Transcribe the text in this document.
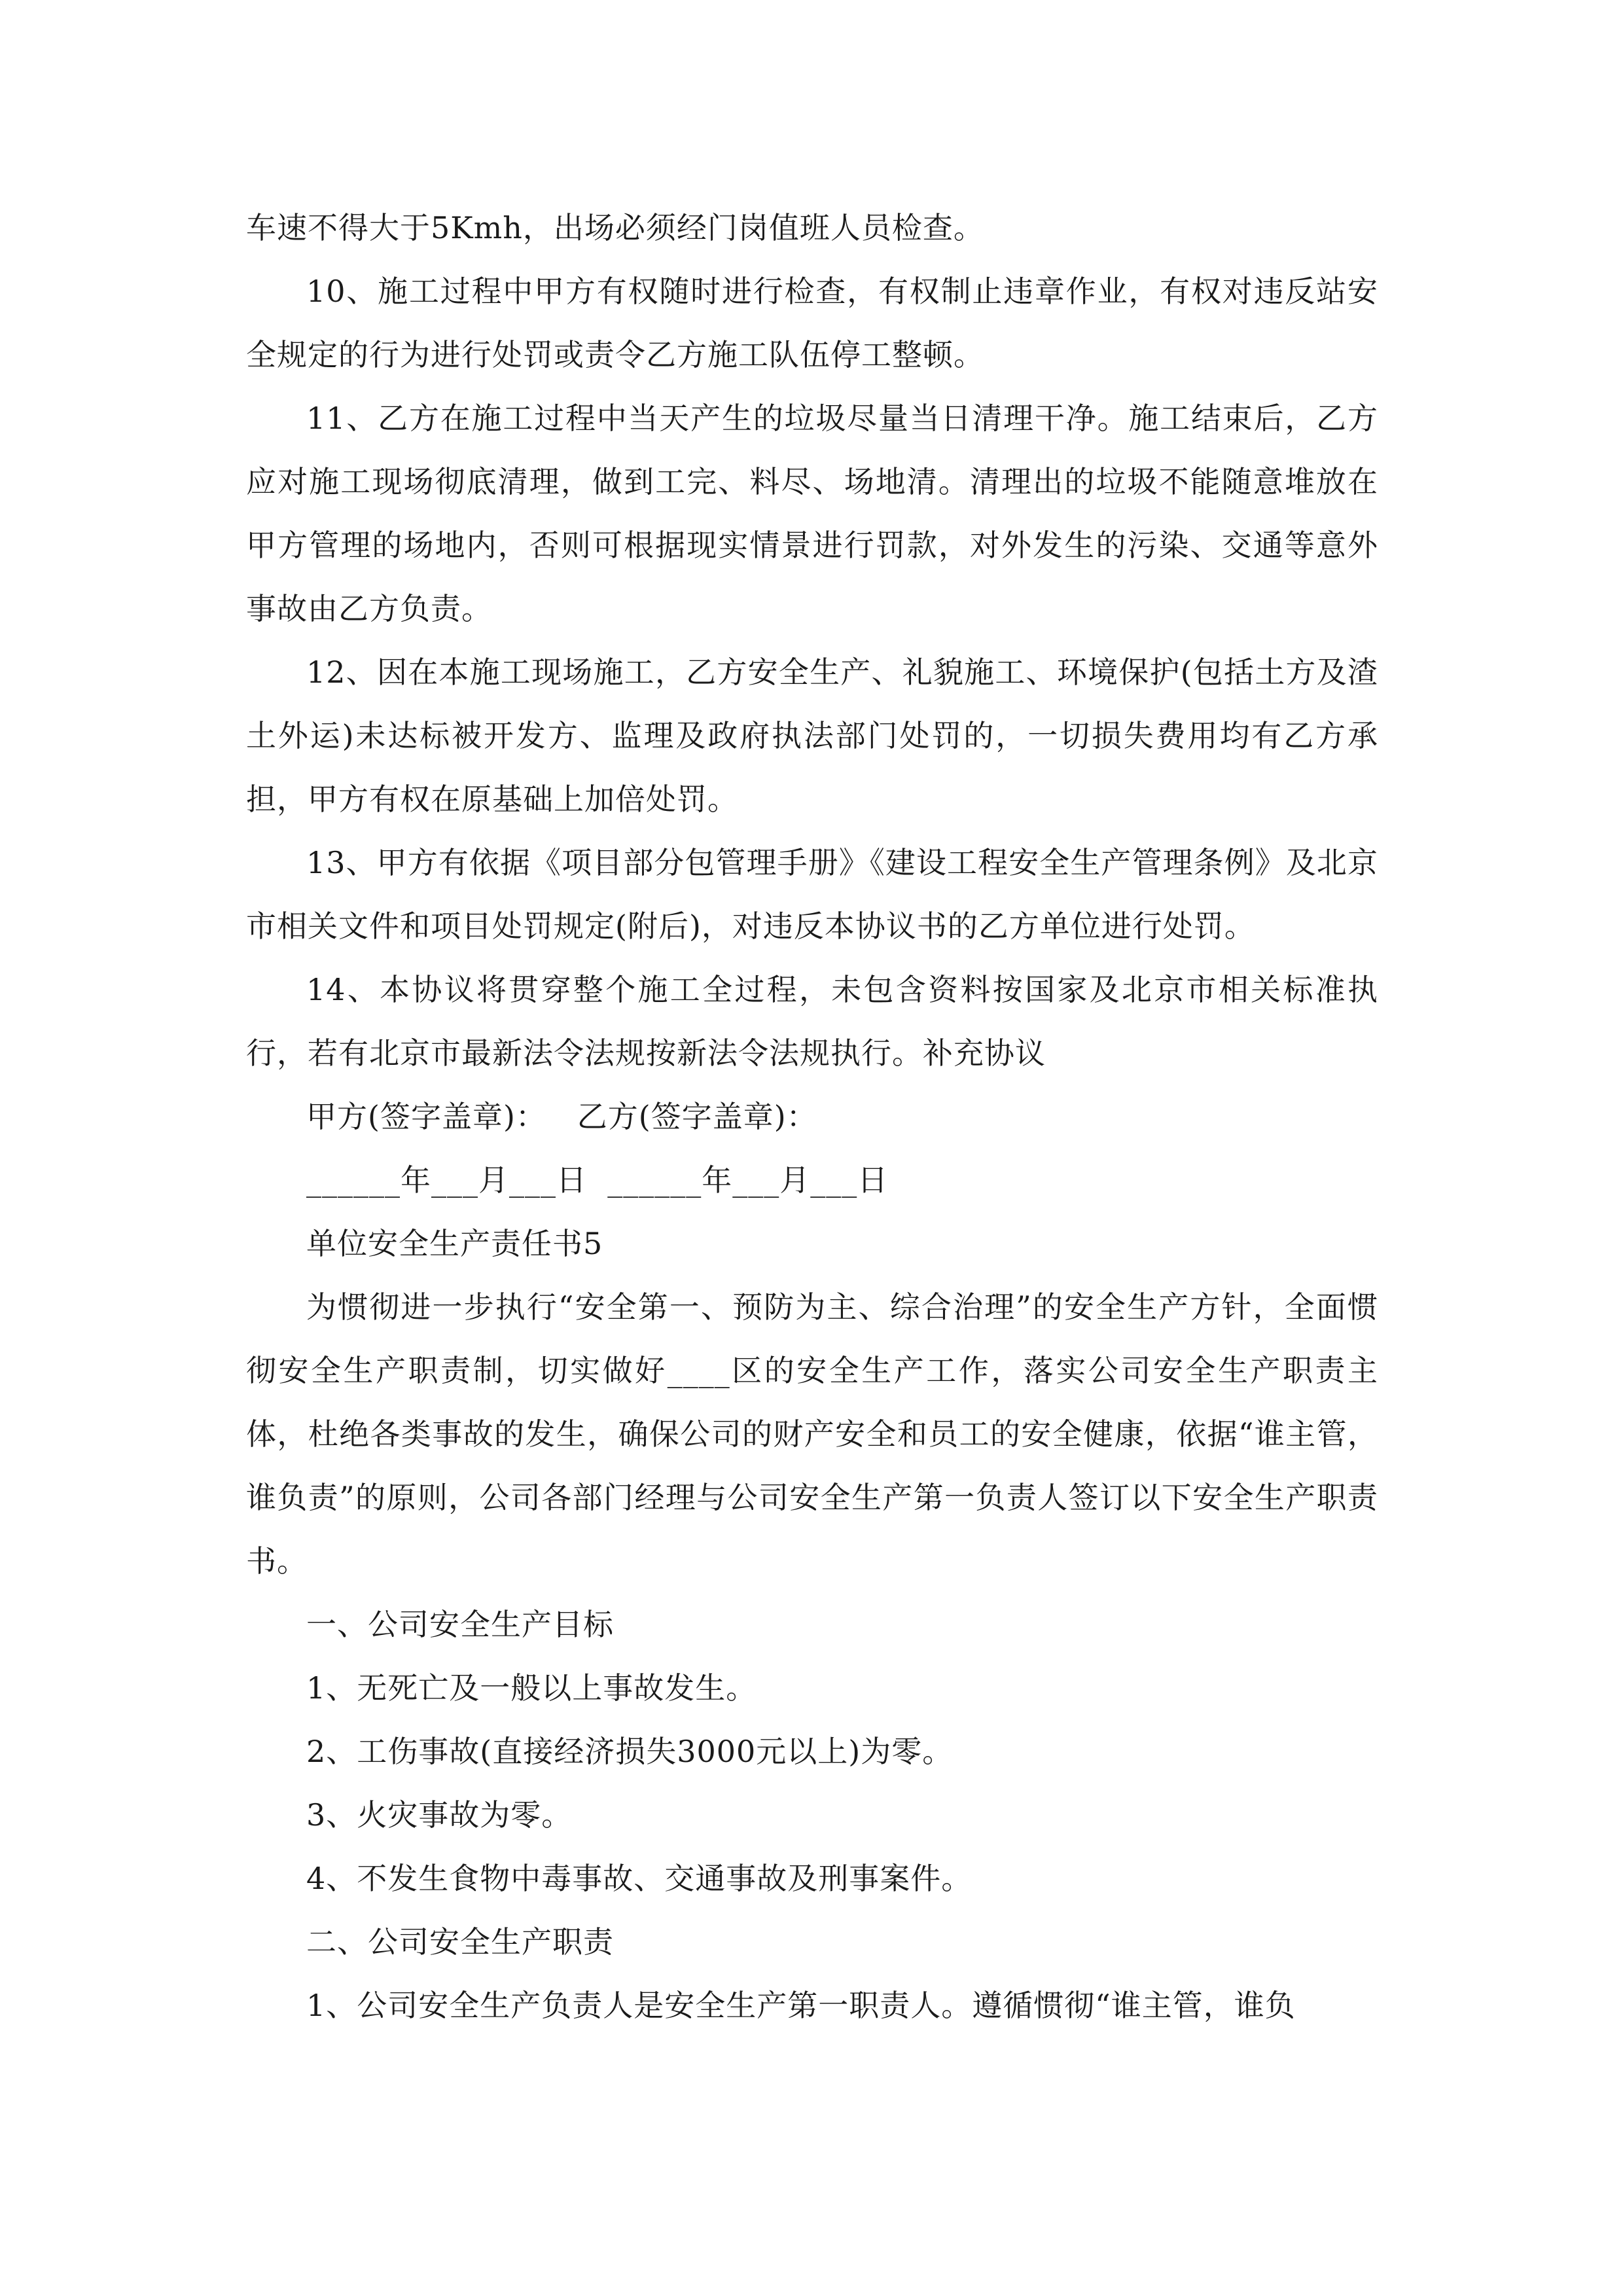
车速不得大于5Kmh，出场必须经门岗值班人员检查。

10、施工过程中甲方有权随时进行检查，有权制止违章作业，有权对违反站安全规定的行为进行处罚或责令乙方施工队伍停工整顿。

11、乙方在施工过程中当天产生的垃圾尽量当日清理干净。施工结束后，乙方应对施工现场彻底清理，做到工完、料尽、场地清。清理出的垃圾不能随意堆放在甲方管理的场地内，否则可根据现实情景进行罚款，对外发生的污染、交通等意外事故由乙方负责。

12、因在本施工现场施工，乙方安全生产、礼貌施工、环境保护(包括土方及渣土外运)未达标被开发方、监理及政府执法部门处罚的，一切损失费用均有乙方承担，甲方有权在原基础上加倍处罚。

13、甲方有依据《项目部分包管理手册》《建设工程安全生产管理条例》及北京市相关文件和项目处罚规定(附后)，对违反本协议书的乙方单位进行处罚。

14、本协议将贯穿整个施工全过程，未包含资料按国家及北京市相关标准执行，若有北京市最新法令法规按新法令法规执行。补充协议

甲方(签字盖章)： 乙方(签字盖章)：

______年___月___日  ______年___月___日

单位安全生产责任书5

为惯彻进一步执行“安全第一、预防为主、综合治理”的安全生产方针，全面惯彻安全生产职责制，切实做好____区的安全生产工作，落实公司安全生产职责主体，杜绝各类事故的发生，确保公司的财产安全和员工的安全健康，依据“谁主管，谁负责”的原则，公司各部门经理与公司安全生产第一负责人签订以下安全生产职责书。

一、公司安全生产目标

1、无死亡及一般以上事故发生。

2、工伤事故(直接经济损失3000元以上)为零。

3、火灾事故为零。

4、不发生食物中毒事故、交通事故及刑事案件。

二、公司安全生产职责

1、公司安全生产负责人是安全生产第一职责人。遵循惯彻“谁主管，谁负
